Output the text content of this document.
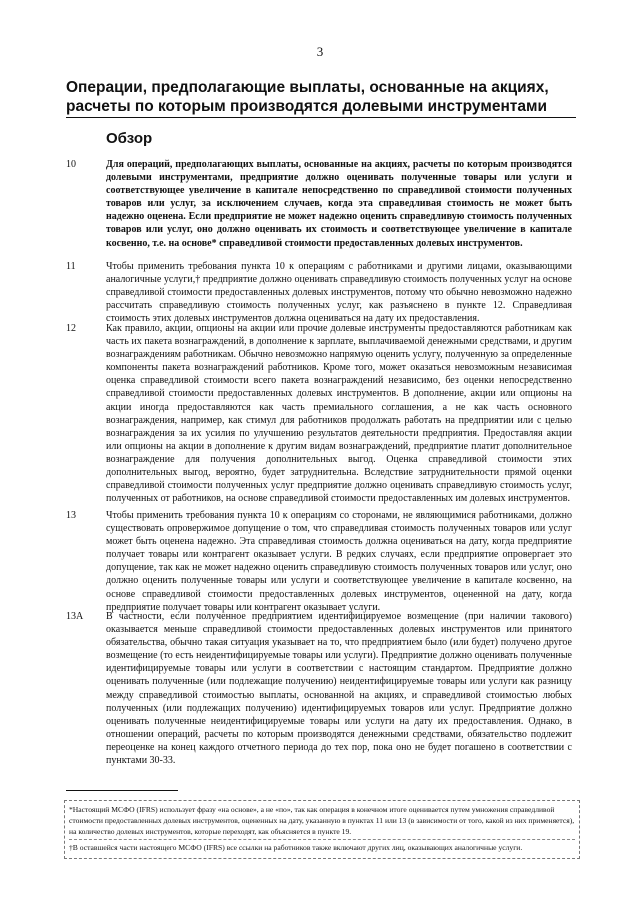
3
Операции, предполагающие выплаты, основанные на акциях, расчеты по которым производятся долевыми инструментами
Обзор
10	Для операций, предполагающих выплаты, основанные на акциях, расчеты по которым производятся долевыми инструментами, предприятие должно оценивать полученные товары или услуги и соответствующее увеличение в капитале непосредственно по справедливой стоимости полученных товаров или услуг, за исключением случаев, когда эта справедливая стоимость не может быть надежно оценена. Если предприятие не может надежно оценить справедливую стоимость полученных товаров или услуг, оно должно оценивать их стоимость и соответствующее увеличение в капитале косвенно, т.е. на основе* справедливой стоимости предоставленных долевых инструментов.
11	Чтобы применить требования пункта 10 к операциям с работниками и другими лицами, оказывающими аналогичные услуги,† предприятие должно оценивать справедливую стоимость полученных услуг на основе справедливой стоимости предоставленных долевых инструментов, потому что обычно невозможно надежно рассчитать справедливую стоимость полученных услуг, как разъяснено в пункте 12. Справедливая стоимость этих долевых инструментов должна оцениваться на дату их предоставления.
12	Как правило, акции, опционы на акции или прочие долевые инструменты предоставляются работникам как часть их пакета вознаграждений, в дополнение к зарплате, выплачиваемой денежными средствами, и другим вознаграждениям работникам. Обычно невозможно напрямую оценить услугу, полученную за определенные компоненты пакета вознаграждений работников. Кроме того, может оказаться невозможным независимая оценка справедливой стоимости всего пакета вознаграждений независимо, без оценки непосредственно справедливой стоимости предоставленных долевых инструментов. В дополнение, акции или опционы на акции иногда предоставляются как часть премиального соглашения, а не как часть основного вознаграждения, например, как стимул для работников продолжать работать на предприятии или с целью вознаграждения за их усилия по улучшению результатов деятельности предприятия. Предоставляя акции или опционы на акции в дополнение к другим видам вознаграждений, предприятие платит дополнительное вознаграждение для получения дополнительных выгод. Оценка справедливой стоимости этих дополнительных выгод, вероятно, будет затруднительна. Вследствие затруднительности прямой оценки справедливой стоимости полученных услуг предприятие должно оценивать справедливую стоимость услуг, полученных от работников, на основе справедливой стоимости предоставленных им долевых инструментов.
13	Чтобы применить требования пункта 10 к операциям со сторонами, не являющимися работниками, должно существовать опровержимое допущение о том, что справедливая стоимость полученных товаров или услуг может быть оценена надежно. Эта справедливая стоимость должна оцениваться на дату, когда предприятие получает товары или контрагент оказывает услуги. В редких случаях, если предприятие опровергает это допущение, так как не может надежно оценить справедливую стоимость полученных товаров или услуг, оно должно оценить полученные товары или услуги и соответствующее увеличение в капитале косвенно, на основе справедливой стоимости предоставленных долевых инструментов, оцененной на дату, когда предприятие получает товары или контрагент оказывает услуги.
13А В частности, если полученное предприятием идентифицируемое возмещение (при наличии такового) оказывается меньше справедливой стоимости предоставленных долевых инструментов или принятого обязательства, обычно такая ситуация указывает на то, что предприятием было (или будет) получено другое возмещение (то есть неидентифицируемые товары или услуги). Предприятие должно оценивать полученные идентифицируемые товары или услуги в соответствии с настоящим стандартом. Предприятие должно оценивать полученные (или подлежащие получению) неидентифицируемые товары или услуги как разницу между справедливой стоимостью выплаты, основанной на акциях, и справедливой стоимостью любых полученных (или подлежащих получению) идентифицируемых товаров или услуг. Предприятие должно оценивать полученные неидентифицируемые товары или услуги на дату их предоставления. Однако, в отношении операций, расчеты по которым производятся денежными средствами, обязательство подлежит переоценке на конец каждого отчетного периода до тех пор, пока оно не будет погашено в соответствии с пунктами 30-33.
*Настоящий МСФО (IFRS) использует фразу «на основе», а не «по», так как операция в конечном итоге оценивается путем умножения справедливой стоимости предоставленных долевых инструментов, оцененных на дату, указанную в пунктах 11 или 13 (в зависимости от того, какой из них применяется), на количество долевых инструментов, которые переходят, как объясняется в пункте 19.
†В оставшейся части настоящего МСФО (IFRS) все ссылки на работников также включают других лиц, оказывающих аналогичные услуги.
